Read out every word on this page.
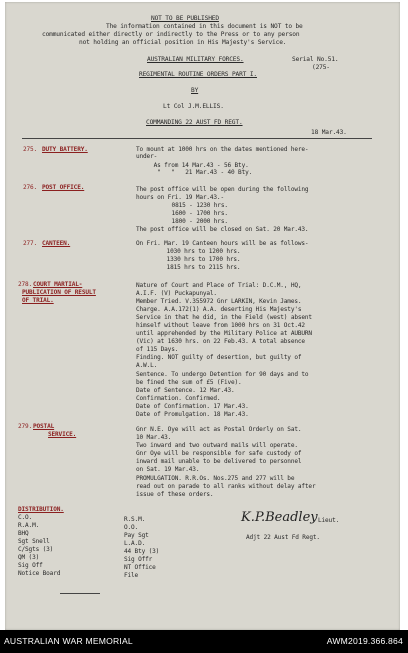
NOT TO BE PUBLISHED
The information contained in this document is NOT to be
communicated either directly or indirectly to the Press or to any person
not holding an official position in His Majesty's Service.
AUSTRALIAN MILITARY FORCES.	Serial No.51.
(275-
REGIMENTAL ROUTINE ORDERS PART I.
BY
Lt Col J.M.ELLIS.
COMMANDING 22 AUST FD REGT.
18 Mar.43.
275. DUTY BATTERY.	To mount at 1000 hrs on the dates mentioned here-
under-
As from 14 Mar.43 - 56 Bty.
"   "   21 Mar.43 - 40 Bty.
276. POST OFFICE.	The post office will be open during the following
hours on Fri. 19 Mar.43.-
0815 - 1230 hrs.
1600 - 1700 hrs.
1800 - 2000 hrs.
The post office will be closed on Sat. 20 Mar.43.
277. CANTEEN.	On Fri. Mar. 19 Canteen hours will be as follows-
1030 hrs to 1200 hrs.
1330 hrs to 1700 hrs.
1815 hrs to 2115 hrs.
278. COURT MARTIAL-
PUBLICATION OF RESULT
OF TRIAL.
Nature of Court and Place of Trial: D.C.M., HQ,
A.I.F. (V) Puckapunyal.
Member Tried. V.355972 Gnr LARKIN, Kevin James.
Charge. A.A.172(1) A.A. deserting His Majesty's
Service in that he did, in the Field (west) absent
himself without leave from 1000 hrs on 31 Oct.42
until apprehended by the Military Police at AUBURN
(Vic) at 1630 hrs. on 22 Feb.43. A total absence
of 115 Days.
Finding. NOT guilty of desertion, but guilty of
A.W.L.
Sentence. To undergo Detention for 90 days and to
be fined the sum of £5 (Five).
Date of Sentence. 12 Mar.43.
Confirmation. Confirmed.
Date of Confirmation. 17 Mar.43.
Date of Promulgation. 18 Mar.43.
279. POSTAL
SERVICE.
Gnr N.E. Oye will act as Postal Orderly on Sat.
10 Mar.43.
Two inward and two outward mails will operate.
Gnr Oye will be responsible for safe custody of
inward mail unable to be delivered to personnel
on Sat. 19 Mar.43.
PROMULGATION. R.R.Os. Nos.275 and 277 will be
read out on parade to all ranks without delay after
issue of these orders.
DISTRIBUTION.
C.O.
R.A.M.
BHQ
Sgt Snell
C/Sgts (3)
QM (3)
Sig Off
Notice Board
R.S.M.
O.O.
Pay Sgt
L.A.D.
44 Bty (3)
Sig Offr
NT Office
File
K.P.Beadley Lieut.
Adjt 22 Aust Fd Regt.
AUSTRALIAN WAR MEMORIAL	AWM2019.366.864
